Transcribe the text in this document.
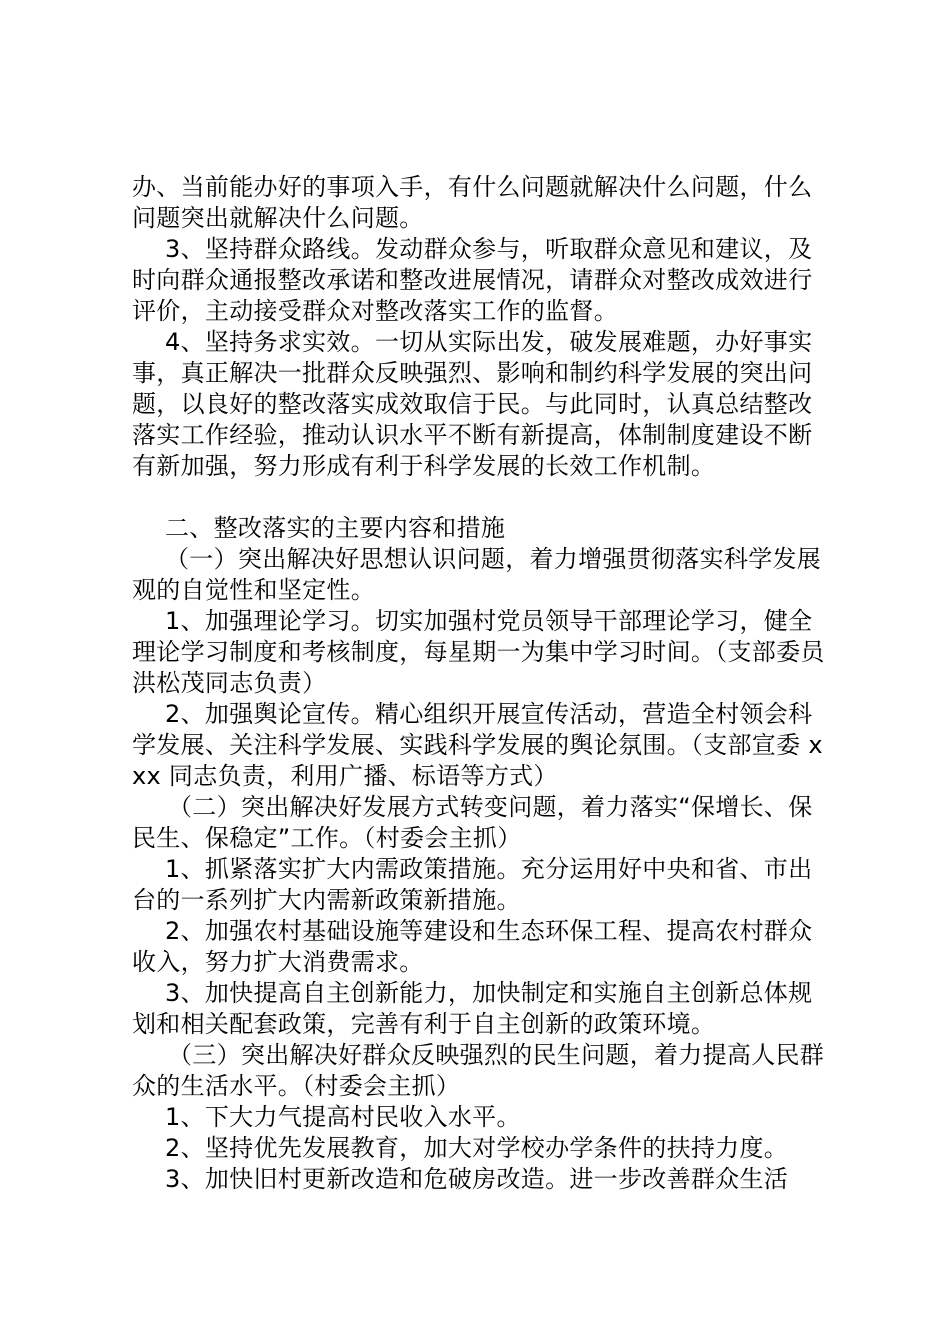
办、当前能办好的事项入手，有什么问题就解决什么问题，什么问题突出就解决什么问题。

3、坚持群众路线。发动群众参与，听取群众意见和建议，及时向群众通报整改承诺和整改进展情况，请群众对整改成效进行评价，主动接受群众对整改落实工作的监督。

4、坚持务求实效。一切从实际出发，破发展难题，办好事实事，真正解决一批群众反映强烈、影响和制约科学发展的突出问题，以良好的整改落实成效取信于民。与此同时，认真总结整改落实工作经验，推动认识水平不断有新提高，体制制度建设不断有新加强，努力形成有利于科学发展的长效工作机制。

二、整改落实的主要内容和措施

（一）突出解决好思想认识问题，着力增强贯彻落实科学发展观的自觉性和坚定性。

1、加强理论学习。切实加强村党员领导干部理论学习，健全理论学习制度和考核制度，每星期一为集中学习时间。（支部委员洪松茂同志负责）

2、加强舆论宣传。精心组织开展宣传活动，营造全村领会科学发展、关注科学发展、实践科学发展的舆论氛围。（支部宣委 xxx 同志负责，利用广播、标语等方式）

（二）突出解决好发展方式转变问题，着力落实“保增长、保民生、保稳定”工作。（村委会主抓）

1、抓紧落实扩大内需政策措施。充分运用好中央和省、市出台的一系列扩大内需新政策新措施。

2、加强农村基础设施等建设和生态环保工程、提高农村群众收入，努力扩大消费需求。

3、加快提高自主创新能力，加快制定和实施自主创新总体规划和相关配套政策，完善有利于自主创新的政策环境。

（三）突出解决好群众反映强烈的民生问题，着力提高人民群众的生活水平。（村委会主抓）

1、下大力气提高村民收入水平。

2、坚持优先发展教育，加大对学校办学条件的扶持力度。

3、加快旧村更新改造和危破房改造。进一步改善群众生活
